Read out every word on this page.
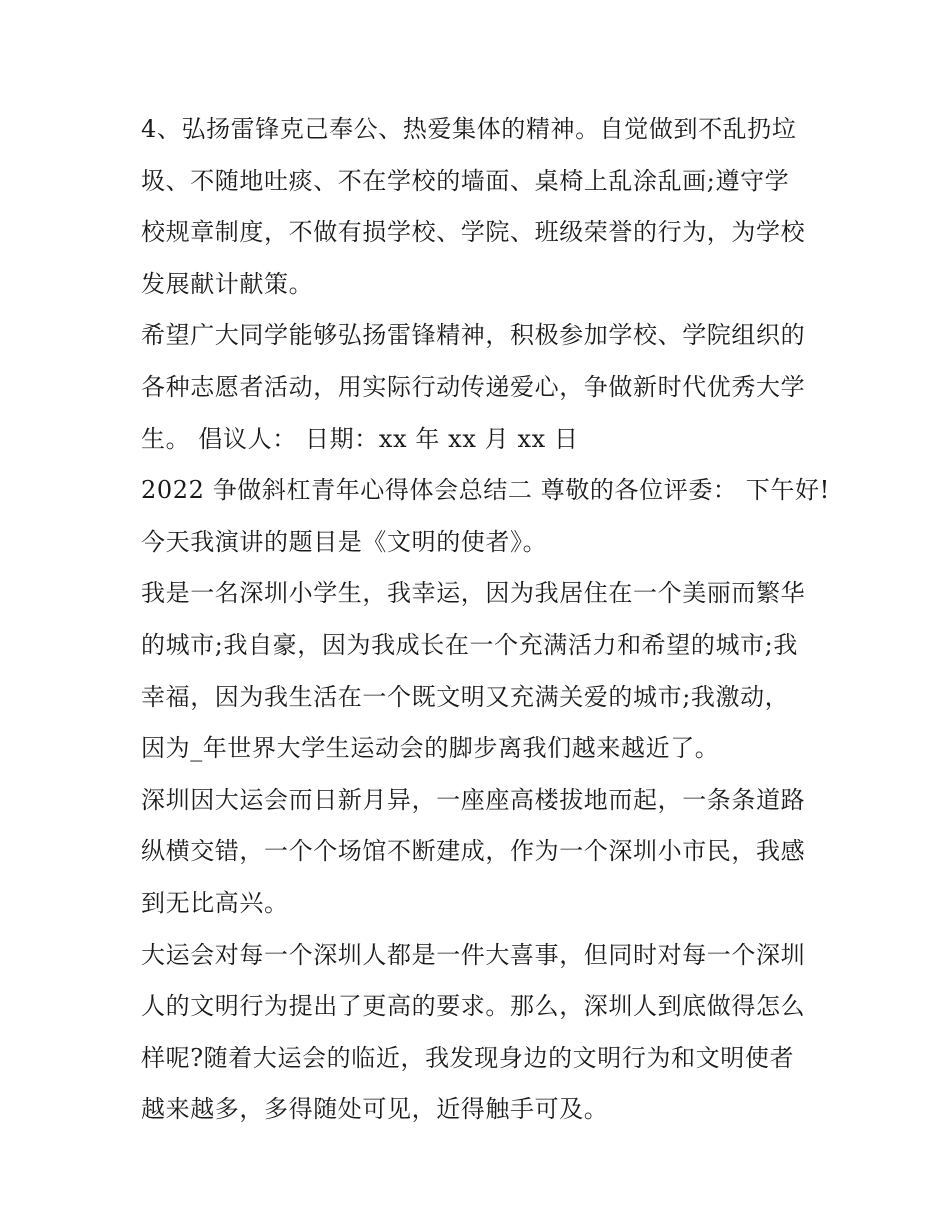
4、弘扬雷锋克己奉公、热爱集体的精神。自觉做到不乱扔垃
圾、不随地吐痰、不在学校的墙面、桌椅上乱涂乱画;遵守学
校规章制度，不做有损学校、学院、班级荣誉的行为，为学校
发展献计献策。
希望广大同学能够弘扬雷锋精神，积极参加学校、学院组织的
各种志愿者活动，用实际行动传递爱心，争做新时代优秀大学
生。 倡议人： 日期：xx 年 xx 月 xx 日
2022 争做斜杠青年心得体会总结二 尊敬的各位评委： 下午好!
今天我演讲的题目是《文明的使者》。
我是一名深圳小学生，我幸运，因为我居住在一个美丽而繁华
的城市;我自豪，因为我成长在一个充满活力和希望的城市;我
幸福，因为我生活在一个既文明又充满关爱的城市;我激动，
因为_年世界大学生运动会的脚步离我们越来越近了。
深圳因大运会而日新月异，一座座高楼拔地而起，一条条道路
纵横交错，一个个场馆不断建成，作为一个深圳小市民，我感
到无比高兴。
大运会对每一个深圳人都是一件大喜事，但同时对每一个深圳
人的文明行为提出了更高的要求。那么，深圳人到底做得怎么
样呢?随着大运会的临近，我发现身边的文明行为和文明使者
越来越多，多得随处可见，近得触手可及。
